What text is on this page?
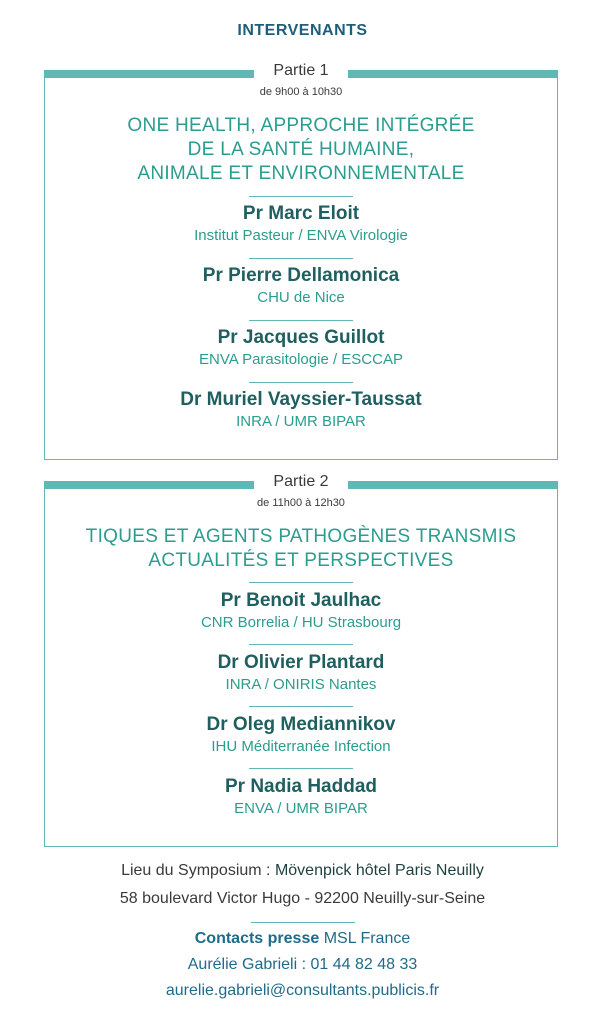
INTERVENANTS
Partie 1
de 9h00 à 10h30
ONE HEALTH, APPROCHE INTÉGRÉE
DE LA SANTÉ HUMAINE,
ANIMALE ET ENVIRONNEMENTALE
Pr Marc Eloit
Institut Pasteur / ENVA Virologie
Pr Pierre Dellamonica
CHU de Nice
Pr Jacques Guillot
ENVA Parasitologie / ESCCAP
Dr Muriel Vayssier-Taussat
INRA / UMR BIPAR
Partie 2
de 11h00 à 12h30
TIQUES ET AGENTS PATHOGÈNES TRANSMIS
ACTUALITÉS ET PERSPECTIVES
Pr Benoit Jaulhac
CNR Borrelia / HU Strasbourg
Dr Olivier Plantard
INRA / ONIRIS Nantes
Dr Oleg Mediannikov
IHU Méditerranée Infection
Pr Nadia Haddad
ENVA / UMR BIPAR
Lieu du Symposium : Mövenpick hôtel Paris Neuilly
58 boulevard Victor Hugo - 92200 Neuilly-sur-Seine
Contacts presse MSL France
Aurélie Gabrieli : 01 44 82 48 33
aurelie.gabrieli@consultants.publicis.fr
